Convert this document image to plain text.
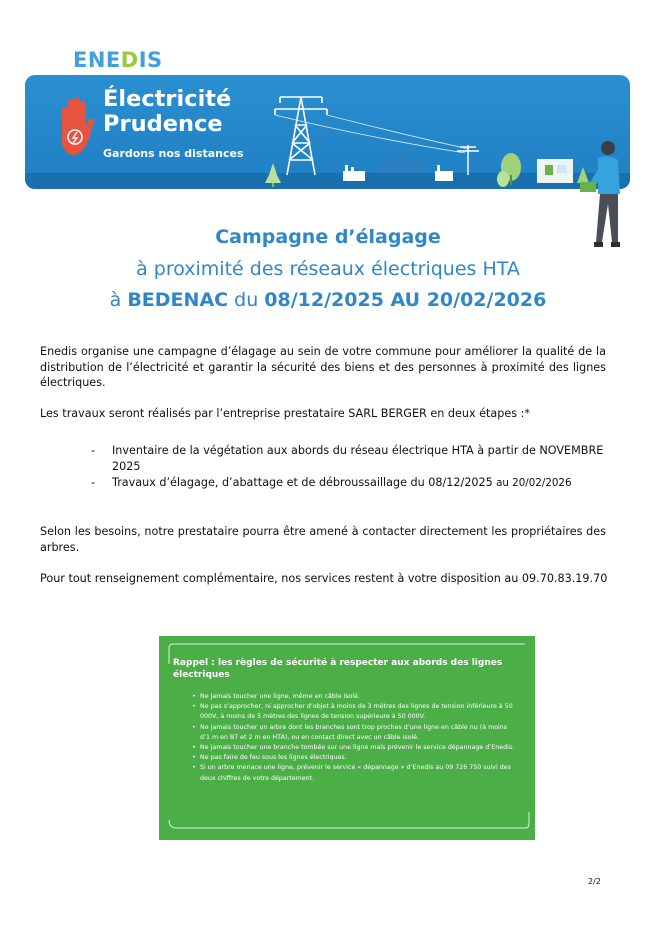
ENEDIS
Électricité
Prudence
Gardons nos distances
Campagne d’élagage
à proximité des réseaux électriques HTA
à BEDENAC du 08/12/2025 AU 20/02/2026

Enedis organise une campagne d’élagage au sein de votre commune pour améliorer la qualité de la distribution de l’électricité et garantir la sécurité des biens et des personnes à proximité des lignes électriques.

Les travaux seront réalisés par l’entreprise prestataire SARL BERGER en deux étapes :*

- Inventaire de la végétation aux abords du réseau électrique HTA à partir de NOVEMBRE 2025
- Travaux d’élagage, d’abattage et de débroussaillage du 08/12/2025 au 20/02/2026

Selon les besoins, notre prestataire pourra être amené à contacter directement les propriétaires des arbres.

Pour tout renseignement complémentaire, nos services restent à votre disposition au 09.70.83.19.70

Rappel : les règles de sécurité à respecter aux abords des lignes électriques
• Ne jamais toucher une ligne, même en câble isolé.
• Ne pas s’approcher, ni approcher d’objet à moins de 3 mètres des lignes de tension inférieure à 50 000V, à moins de 5 mètres des lignes de tension supérieure à 50 000V.
• Ne jamais toucher un arbre dont les branches sont trop proches d’une ligne en câble nu (à moins d’1 m en BT et 2 m en HTA), ou en contact direct avec un câble isolé.
• Ne jamais toucher une branche tombée sur une ligne mais prévenir le service dépannage d’Enedis.
• Ne pas faire de feu sous les lignes électriques.
• Si un arbre menace une ligne, prévenir le service « dépannage » d’Enedis au 09 726 750 suivi des deux chiffres de votre département.
2/2
